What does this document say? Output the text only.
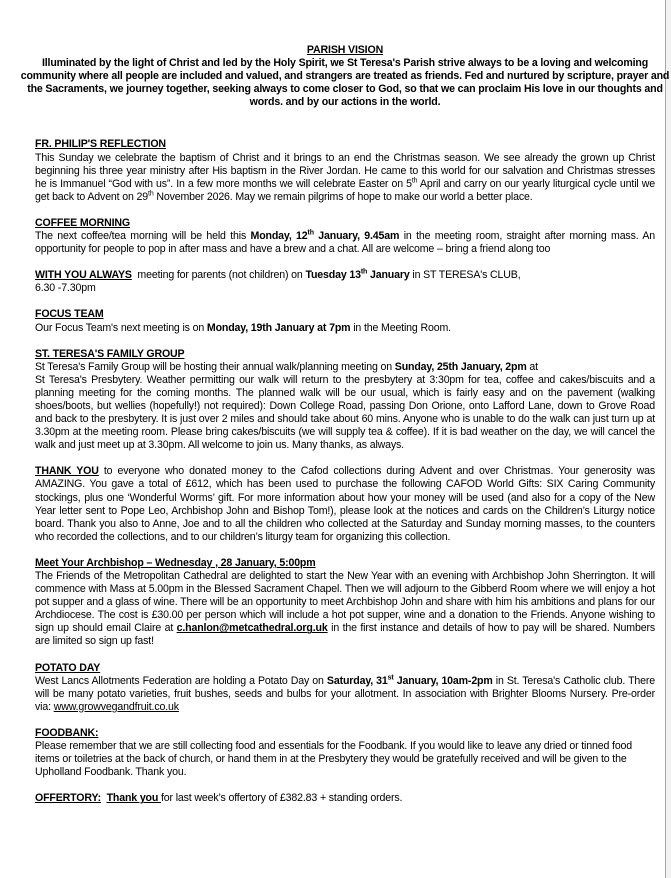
PARISH VISION
Illuminated by the light of Christ and led by the Holy Spirit, we St Teresa's Parish strive always to be a loving and welcoming community where all people are included and valued, and strangers are treated as friends. Fed and nurtured by scripture, prayer and the Sacraments, we journey together, seeking always to come closer to God, so that we can proclaim His love in our thoughts and words. and by our actions in the world.
FR. PHILIP'S REFLECTION

This Sunday we celebrate the baptism of Christ and it brings to an end the Christmas season. We see already the grown up Christ beginning his three year ministry after His baptism in the River Jordan. He came to this world for our salvation and Christmas stresses he is Immanuel “God with us”. In a few more months we will celebrate Easter on 5th April and carry on our yearly liturgical cycle until we get back to Advent on 29th November 2026. May we remain pilgrims of hope to make our world a better place.

COFFEE MORNING

The next coffee/tea morning will be held this Monday, 12th January, 9.45am in the meeting room, straight after morning mass. An opportunity for people to pop in after mass and have a brew and a chat. All are welcome – bring a friend along too

WITH YOU ALWAYS  meeting for parents (not children) on Tuesday 13th January in ST TERESA's CLUB,

6.30 -7.30pm

FOCUS TEAM

Our Focus Team's next meeting is on Monday, 19th January at 7pm in the Meeting Room.

ST. TERESA'S FAMILY GROUP

St Teresa's Family Group will be hosting their annual walk/planning meeting on Sunday, 25th January, 2pm at

St Teresa's Presbytery. Weather permitting our walk will return to the presbytery at 3:30pm for tea, coffee and cakes/biscuits and a planning meeting for the coming months. The planned walk will be our usual, which is fairly easy and on the pavement (walking shoes/boots, but wellies (hopefully!) not required): Down College Road, passing Don Orione, onto Lafford Lane, down to Grove Road and back to the presbytery. It is just over 2 miles and should take about 60 mins. Anyone who is unable to do the walk can just turn up at 3.30pm at the meeting room. Please bring cakes/biscuits (we will supply tea & coffee). If it is bad weather on the day, we will cancel the walk and just meet up at 3.30pm. All welcome to join us. Many thanks, as always.

THANK YOU to everyone who donated money to the Cafod collections during Advent and over Christmas. Your generosity was AMAZING. You gave a total of £612, which has been used to purchase the following CAFOD World Gifts: SIX Caring Community stockings, plus one ‘Wonderful Worms’ gift. For more information about how your money will be used (and also for a copy of the New Year letter sent to Pope Leo, Archbishop John and Bishop Tom!), please look at the notices and cards on the Children’s Liturgy notice board. Thank you also to Anne, Joe and to all the children who collected at the Saturday and Sunday morning masses, to the counters who recorded the collections, and to our children’s liturgy team for organizing this collection.

Meet Your Archbishop – Wednesday , 28 January, 5:00pm

The Friends of the Metropolitan Cathedral are delighted to start the New Year with an evening with Archbishop John Sherrington. It will commence with Mass at 5.00pm in the Blessed Sacrament Chapel. Then we will adjourn to the Gibberd Room where we will enjoy a hot pot supper and a glass of wine. There will be an opportunity to meet Archbishop John and share with him his ambitions and plans for our Archdiocese. The cost is £30.00 per person which will include a hot pot supper, wine and a donation to the Friends. Anyone wishing to sign up should email Claire at c.hanlon@metcathedral.org.uk in the first instance and details of how to pay will be shared. Numbers are limited so sign up fast!

POTATO DAY

West Lancs Allotments Federation are holding a Potato Day on Saturday, 31st January, 10am-2pm in St. Teresa's Catholic club. There will be many potato varieties, fruit bushes, seeds and bulbs for your allotment. In association with Brighter Blooms Nursery. Pre-order via: www.growvegandfruit.co.uk

FOODBANK:

Please remember that we are still collecting food and essentials for the Foodbank. If you would like to leave any dried or tinned food items or toiletries at the back of church, or hand them in at the Presbytery they would be gratefully received and will be given to the Upholland Foodbank. Thank you.

OFFERTORY: Thank you for last week’s offertory of £382.83 + standing orders.
